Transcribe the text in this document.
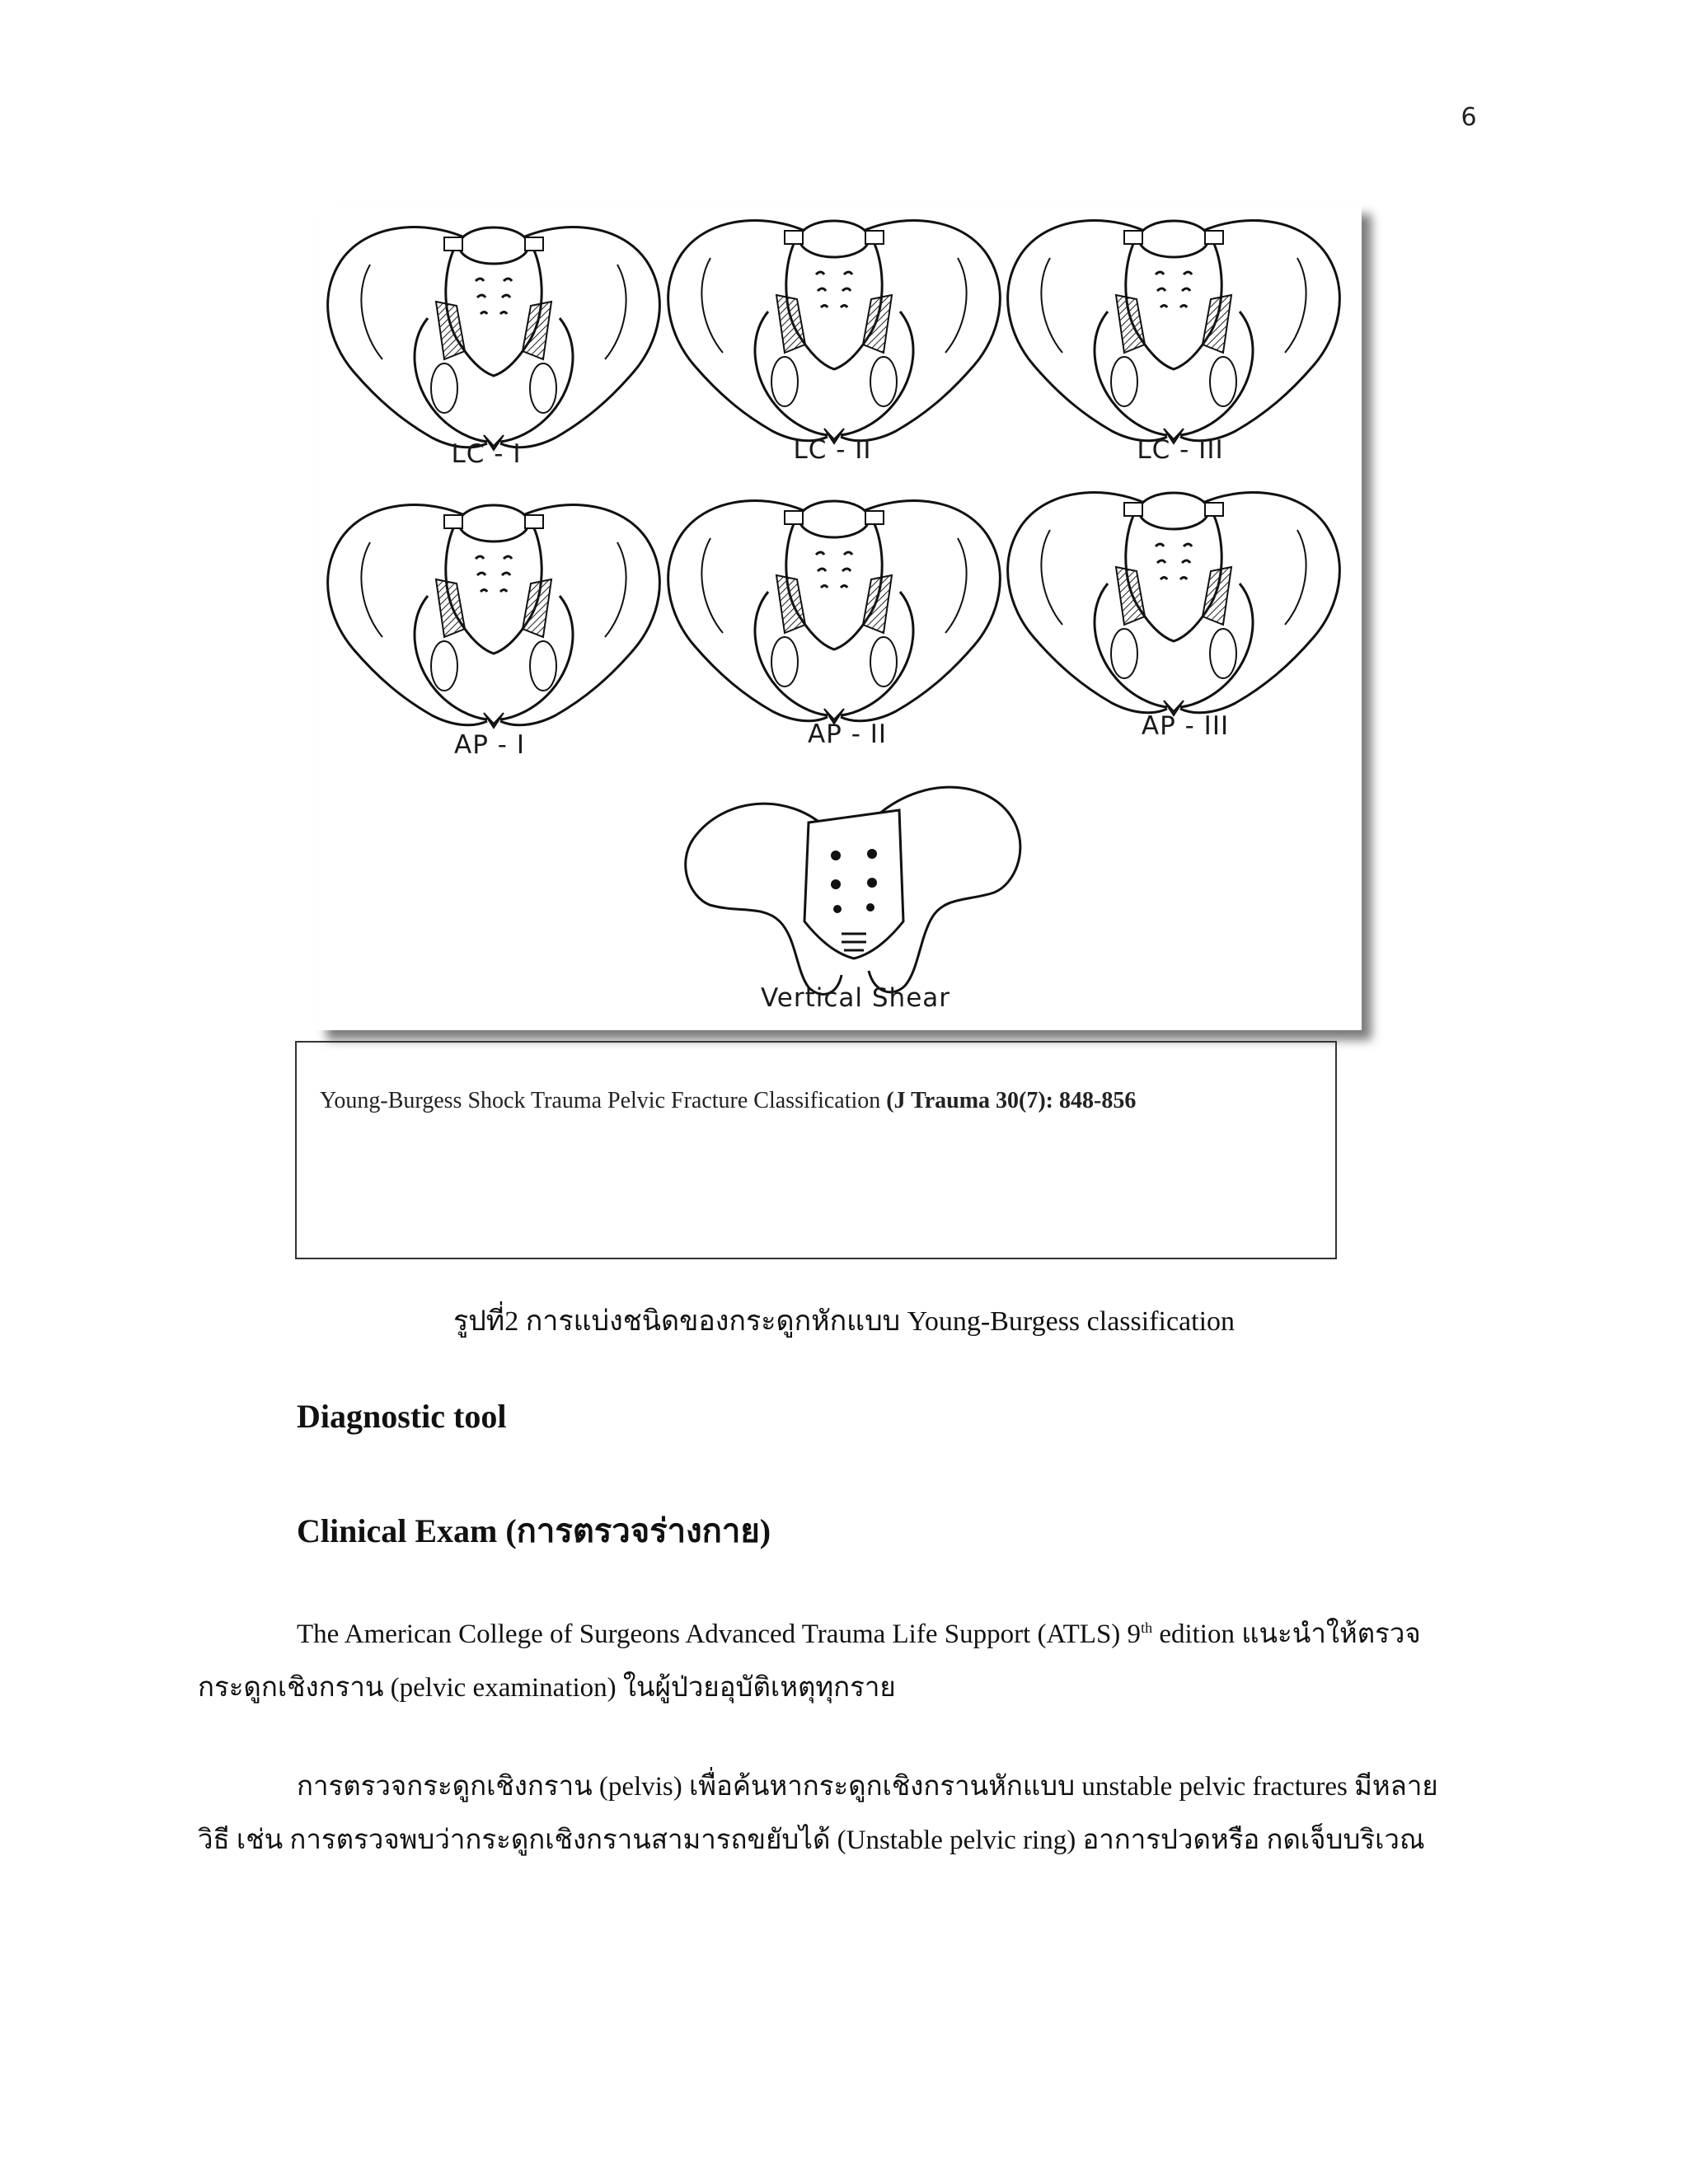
6
LC - I	LC - II	LC - III
AP - I	AP - II	AP - III
Vertical Shear
Young-Burgess Shock Trauma Pelvic Fracture Classification (J Trauma 30(7): 848-856
รูปที่2 การแบ่งชนิดของกระดูกหักแบบ Young-Burgess classification
Diagnostic tool
Clinical Exam (การตรวจร่างกาย)
The American College of Surgeons Advanced Trauma Life Support (ATLS) 9th edition แนะนำให้ตรวจ
กระดูกเชิงกราน (pelvic examination) ในผู้ป่วยอุบัติเหตุทุกราย
การตรวจกระดูกเชิงกราน (pelvis) เพื่อค้นหากระดูกเชิงกรานหักแบบ unstable pelvic fractures มีหลาย
วิธี เช่น การตรวจพบว่ากระดูกเชิงกรานสามารถขยับได้ (Unstable pelvic ring) อาการปวดหรือ กดเจ็บบริเวณ
